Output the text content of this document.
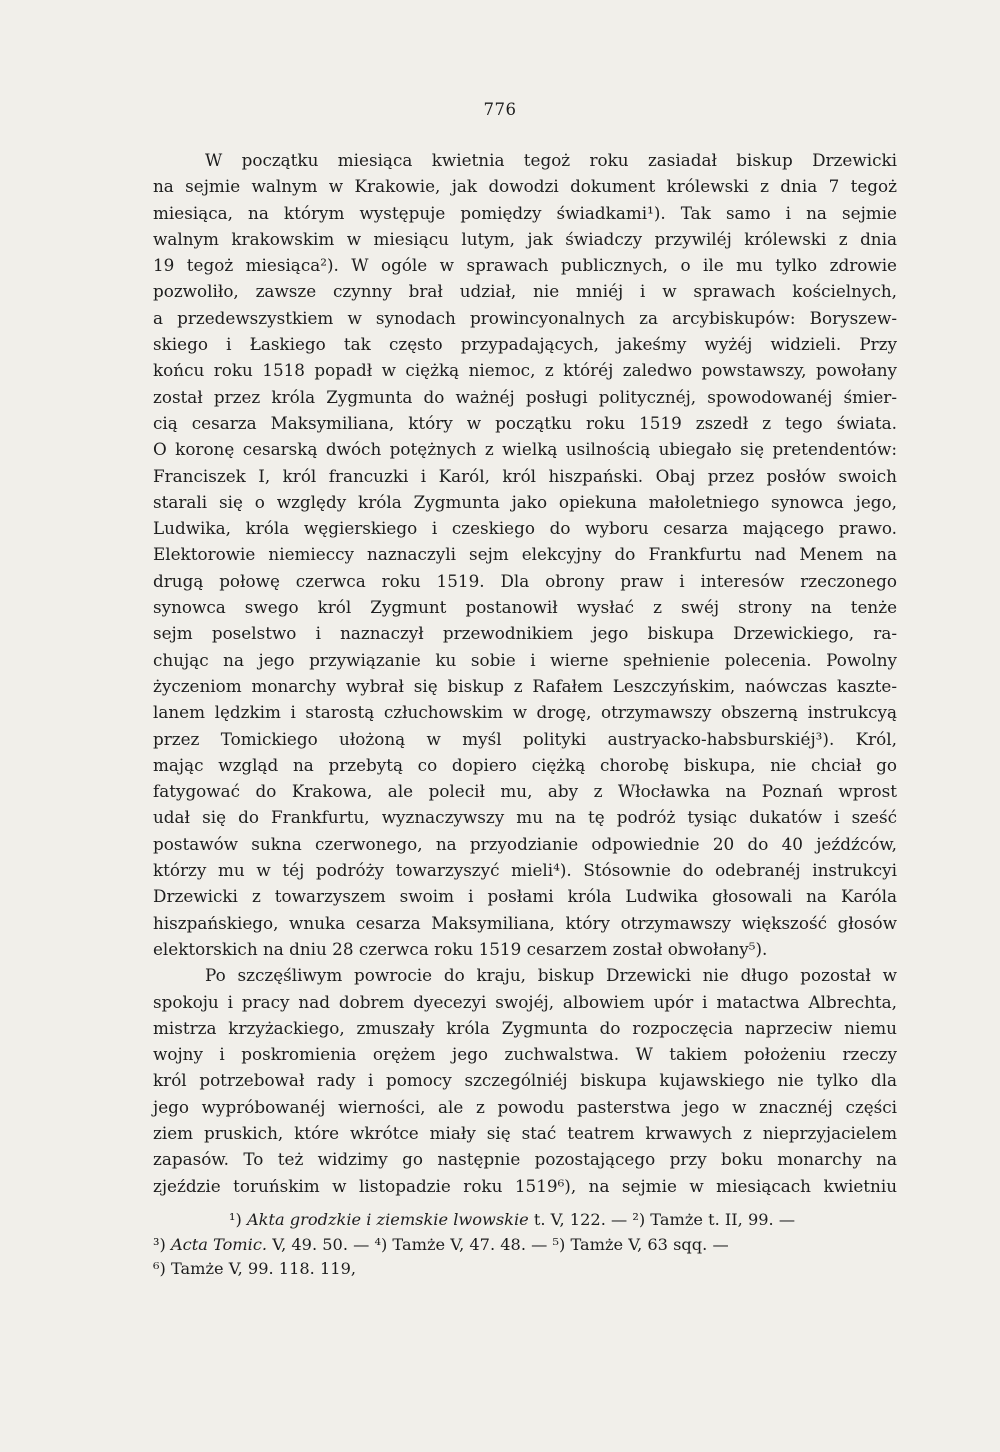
776
W początku miesiąca kwietnia tegoż roku zasiadał biskup Drzewicki
na sejmie walnym w Krakowie, jak dowodzi dokument królewski z dnia 7 tegoż
miesiąca, na którym występuje pomiędzy świadkami¹). Tak samo i na sejmie
walnym krakowskim w miesiącu lutym, jak świadczy przywiléj królewski z dnia
19 tegoż miesiąca²). W ogóle w sprawach publicznych, o ile mu tylko zdrowie
pozwoliło, zawsze czynny brał udział, nie mniéj i w sprawach kościelnych,
a przedewszystkiem w synodach prowincyonalnych za arcybiskupów: Boryszew-
skiego i Łaskiego tak często przypadających, jakeśmy wyżéj widzieli. Przy
końcu roku 1518 popadł w ciężką niemoc, z któréj zaledwo powstawszy, powołany
został przez króla Zygmunta do ważnéj posługi politycznéj, spowodowanéj śmier-
cią cesarza Maksymiliana, który w początku roku 1519 zszedł z tego świata.
O koronę cesarską dwóch potężnych z wielką usilnością ubiegało się pretendentów:
Franciszek I, król francuzki i Karól, król hiszpański. Obaj przez posłów swoich
starali się o względy króla Zygmunta jako opiekuna małoletniego synowca jego,
Ludwika, króla węgierskiego i czeskiego do wyboru cesarza mającego prawo.
Elektorowie niemieccy naznaczyli sejm elekcyjny do Frankfurtu nad Menem na
drugą połowę czerwca roku 1519. Dla obrony praw i interesów rzeczonego
synowca swego król Zygmunt postanowił wysłać z swéj strony na tenże
sejm poselstwo i naznaczył przewodnikiem jego biskupa Drzewickiego, ra-
chując na jego przywiązanie ku sobie i wierne spełnienie polecenia. Powolny
życzeniom monarchy wybrał się biskup z Rafałem Leszczyńskim, naówczas kaszte-
lanem lędzkim i starostą człuchowskim w drogę, otrzymawszy obszerną instrukcyą
przez Tomickiego ułożoną w myśl polityki austryacko-habsburskiéj³). Król,
mając wzgląd na przebytą co dopiero ciężką chorobę biskupa, nie chciał go
fatygować do Krakowa, ale polecił mu, aby z Włocławka na Poznań wprost
udał się do Frankfurtu, wyznaczywszy mu na tę podróż tysiąc dukatów i sześć
postawów sukna czerwonego, na przyodzianie odpowiednie 20 do 40 jeźdźców,
którzy mu w téj podróży towarzyszyć mieli⁴). Stósownie do odebranéj instrukcyi
Drzewicki z towarzyszem swoim i posłami króla Ludwika głosowali na Karóla
hiszpańskiego, wnuka cesarza Maksymiliana, który otrzymawszy większość głosów
elektorskich na dniu 28 czerwca roku 1519 cesarzem został obwołany⁵).
Po szczęśliwym powrocie do kraju, biskup Drzewicki nie długo pozostał w
spokoju i pracy nad dobrem dyecezyi swojéj, albowiem upór i matactwa Albrechta,
mistrza krzyżackiego, zmuszały króla Zygmunta do rozpoczęcia naprzeciw niemu
wojny i poskromienia orężem jego zuchwalstwa. W takiem położeniu rzeczy
król potrzebował rady i pomocy szczególniéj biskupa kujawskiego nie tylko dla
jego wypróbowanéj wierności, ale z powodu pasterstwa jego w znacznéj części
ziem pruskich, które wkrótce miały się stać teatrem krwawych z nieprzyjacielem
zapasów. To też widzimy go następnie pozostającego przy boku monarchy na
zjeździe toruńskim w listopadzie roku 1519⁶), na sejmie w miesiącach kwietniu
¹) Akta grodzkie i ziemskie lwowskie t. V, 122. — ²) Tamże t. II, 99. —
³) Acta Tomic. V, 49. 50. — ⁴) Tamże V, 47. 48. — ⁵) Tamże V, 63 sqq. —
⁶) Tamże V, 99. 118. 119,
